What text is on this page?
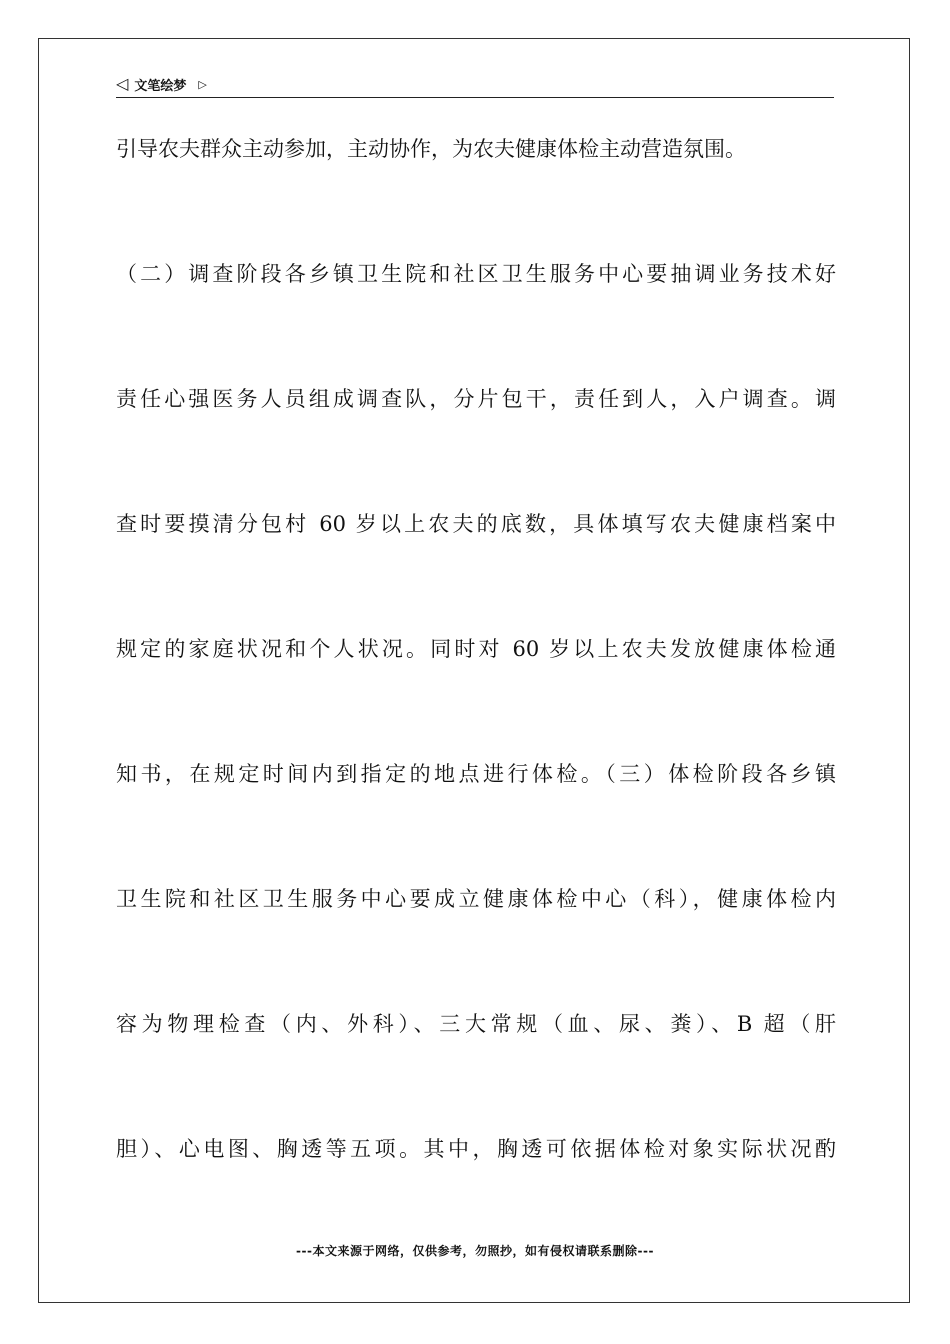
◁ 文笔绘梦 ▷
引导农夫群众主动参加，主动协作，为农夫健康体检主动营造氛围。
（二）调查阶段各乡镇卫生院和社区卫生服务中心要抽调业务技术好
责任心强医务人员组成调查队，分片包干，责任到人，入户调查。调
查时要摸清分包村 60 岁以上农夫的底数，具体填写农夫健康档案中
规定的家庭状况和个人状况。同时对 60 岁以上农夫发放健康体检通
知书，在规定时间内到指定的地点进行体检。（三）体检阶段各乡镇
卫生院和社区卫生服务中心要成立健康体检中心（科），健康体检内
容为物理检查（内、外科）、三大常规（血、尿、粪）、B 超（肝
胆）、心电图、胸透等五项。其中，胸透可依据体检对象实际状况酌
---本文来源于网络，仅供参考，勿照抄，如有侵权请联系删除---
